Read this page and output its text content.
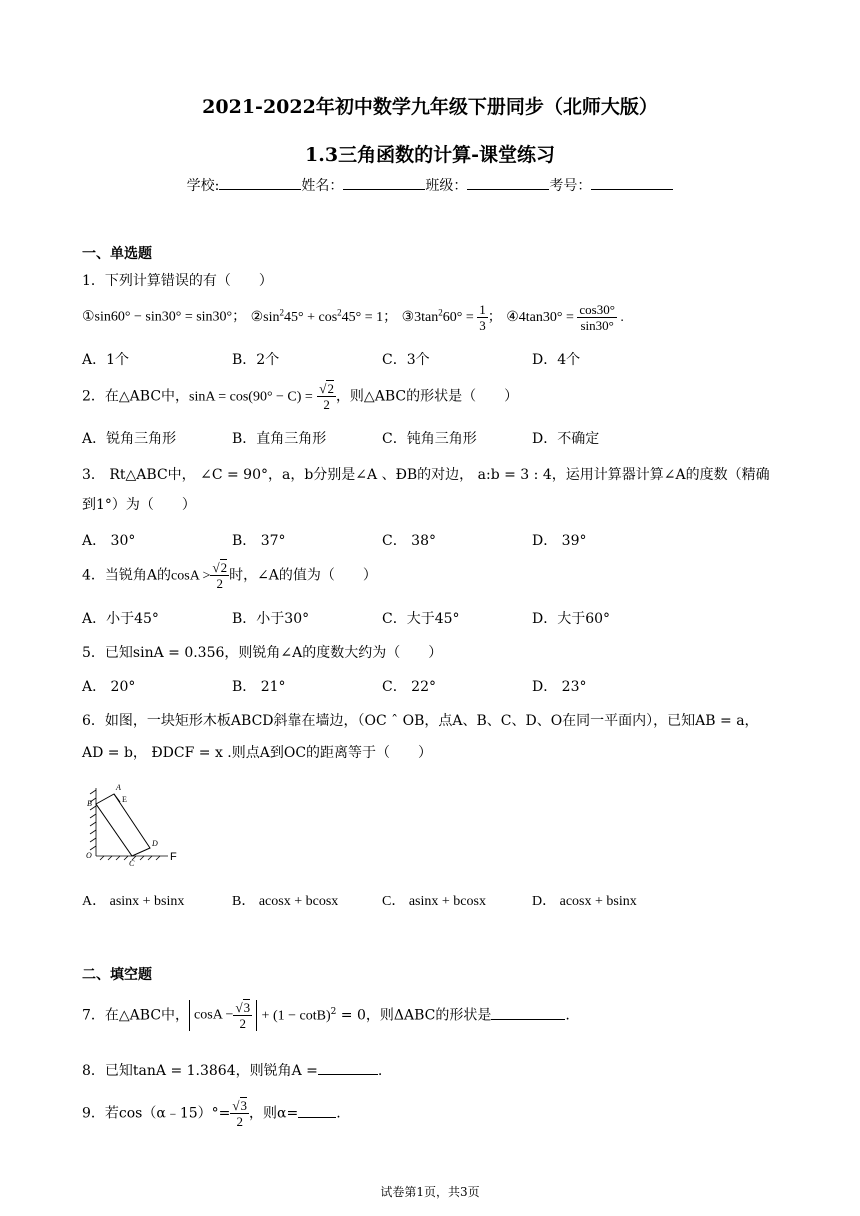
2021-2022年初中数学九年级下册同步（北师大版）
1.3三角函数的计算-课堂练习
学校:	姓名：	班级：	考号：
一、单选题
1．下列计算错误的有（　　）
①sin60° − sin30° = sin30°； $②\sin^245^\circ + \cos^245^\circ = 1$； $③3\tan^260^\circ = \frac{1}{3}$ ； ④4tan30° = $\frac{\cos 30^\circ}{\sin 30^\circ}$ .
A．1个	B．2个	C．3个	D．4个
2．在△ABC中，$\sin A = \cos(90^\circ - C) = \frac{√2}{2}$ ，则△ABC的形状是（　　）
A．锐角三角形	B．直角三角形	C．钝角三角形	D．不确定
3． Rt△ABC中， ∠C = 90°，a，b分别是∠A 、ÐB的对边， a:b = 3 : 4，运用计算器计算∠A的度数（精确
到1°）为（　　）
A． 30°	B． 37°	C． 38°	D． 39°
4．当锐角A的$\cos A > \frac{√2}{2}$ 时，∠A的值为（　　）
A．小于45°	B．小于30°	C．大于45°	D．大于60°
5．已知sinA = 0.356，则锐角∠A的度数大约为（　　）
A． 20°	B． 21°	C． 22°	D． 23°
6．如图，一块矩形木板ABCD斜靠在墙边，（OC ˆ OB，点A、B、C、D、O在同一平面内），已知AB = a，
AD = b， ÐDCF = x .则点A到OC的距离等于（　　）
A
B	E
D
O
C
F
A． asinx + bsinx	B． acosx + bcosx	C． asinx + bcosx	D． acosx + bsinx
二、填空题
7．在△ABC中， $\cos A - \frac{√3}{2} + (1 - \cot B)^2 = 0$，则ΔABC的形状是	.
8．已知tanA = 1.3864，则锐角A =	.
9．若cos（α﹣15）°= $\frac{√3}{2}$ ，则α=	.
试卷第1页，共3页
